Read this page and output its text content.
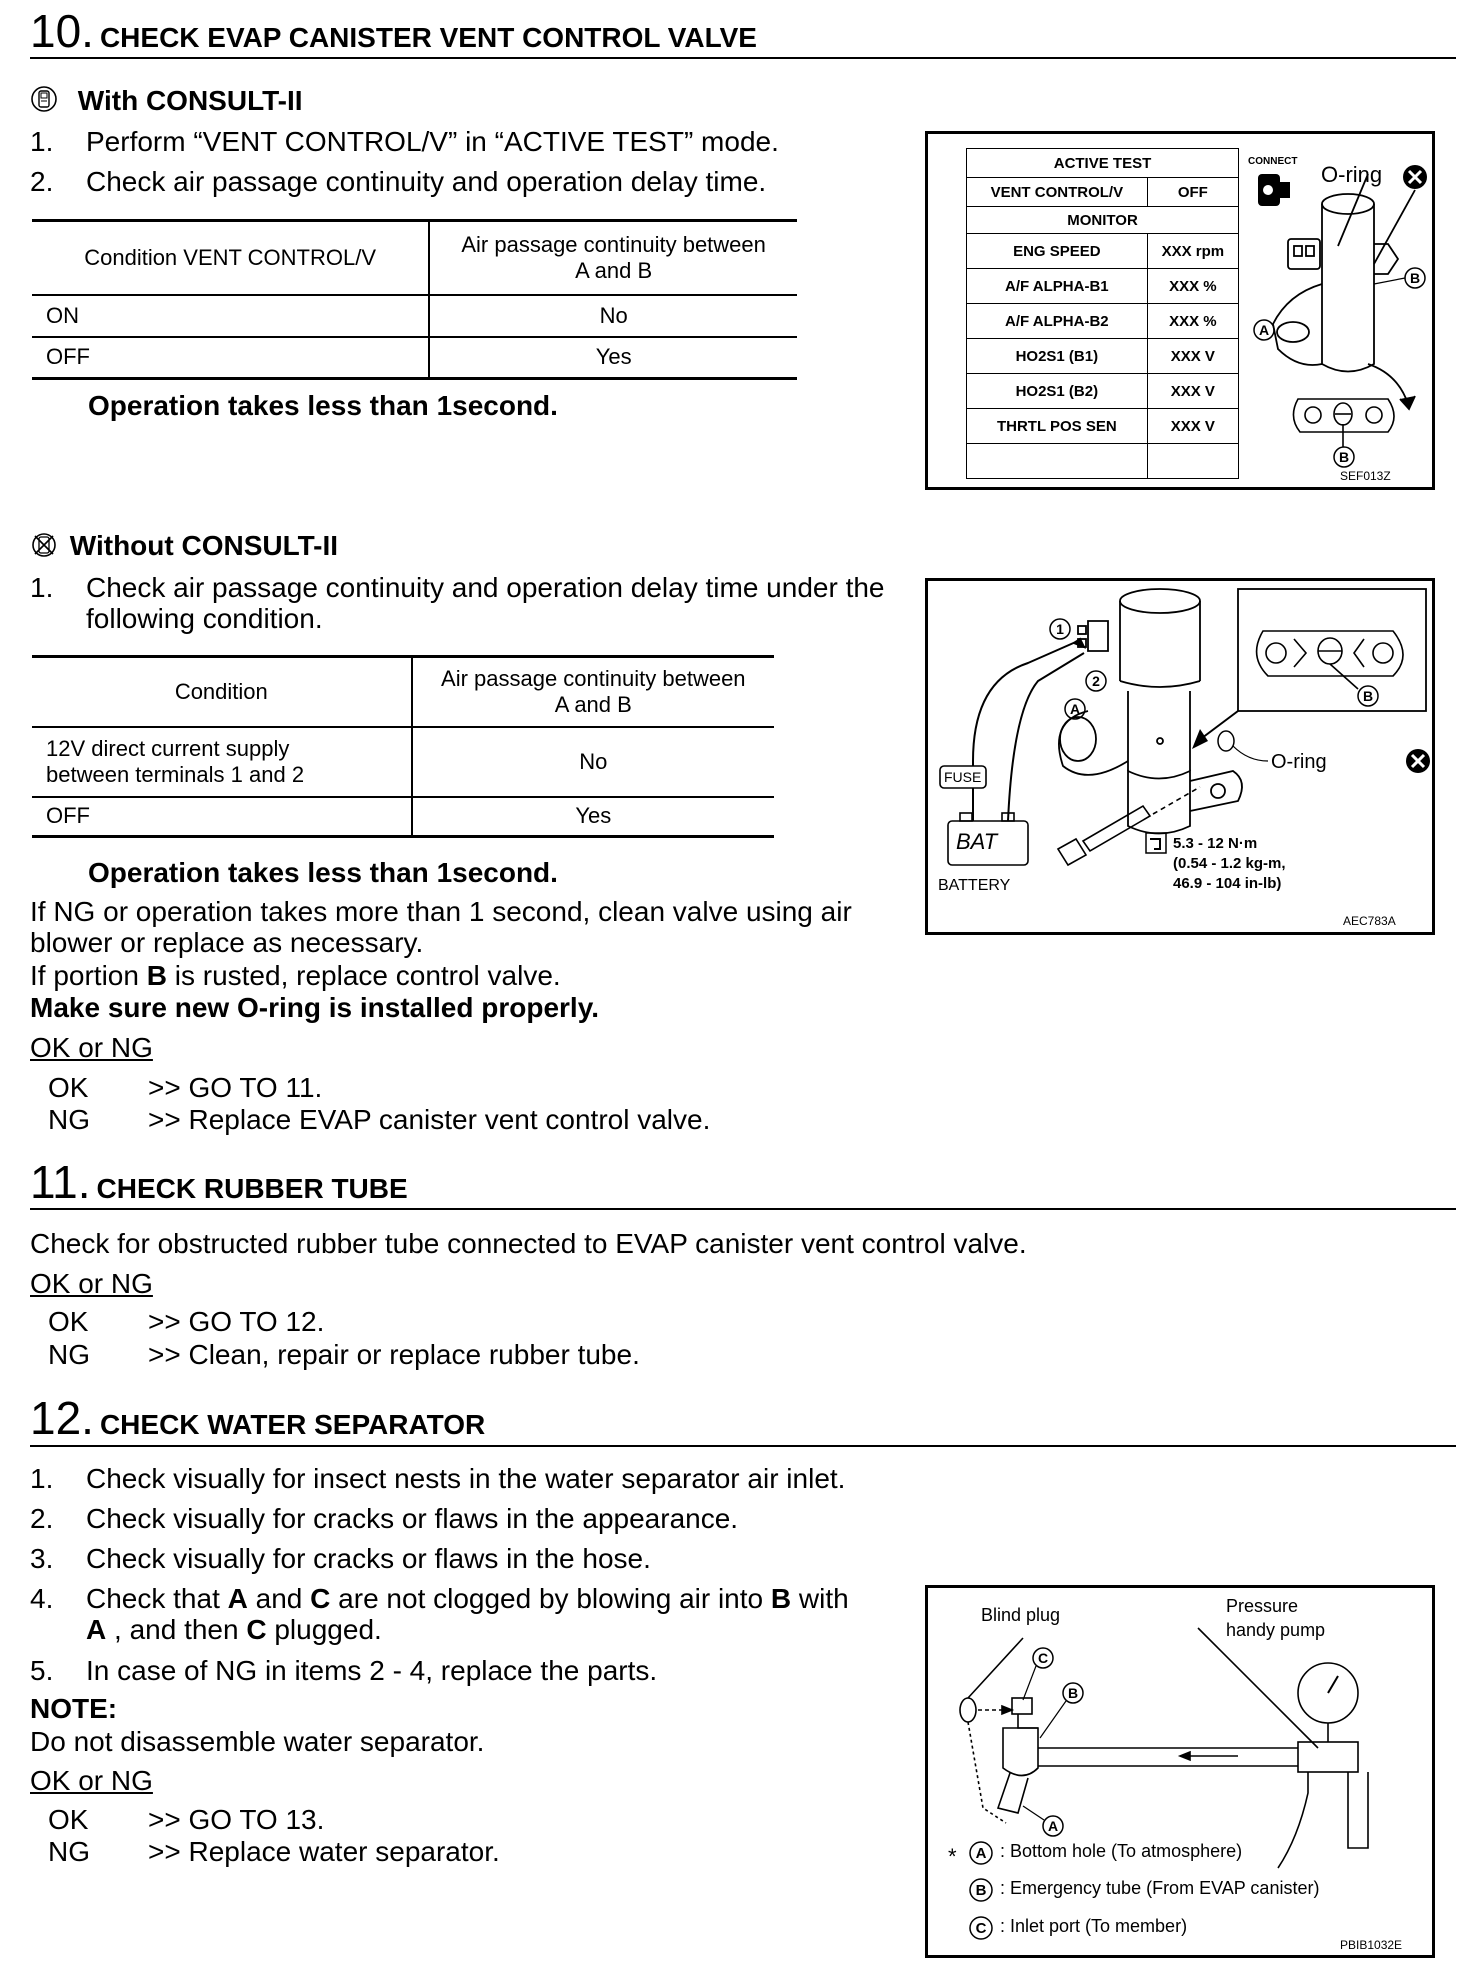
10. CHECK EVAP CANISTER VENT CONTROL VALVE
With CONSULT-II
1. Perform “VENT CONTROL/V” in “ACTIVE TEST” mode.
2. Check air passage continuity and operation delay time.
Condition VENT CONTROL/V	Air passage continuity between A and B
ON	No
OFF	Yes
Operation takes less than 1second.
ACTIVE TEST	
VENT CONTROL/V	OFF
MONITOR	
ENG SPEED	XXX rpm
A/F ALPHA-B1	XXX %
A/F ALPHA-B2	XXX %
HO2S1 (B1)	XXX V
HO2S1 (B2)	XXX V
THRTL POS SEN	XXX V

CONNECT
O-ring
A
B
B
SEF013Z
Without CONSULT-II
1. Check air passage continuity and operation delay time under the
following condition.
Condition	Air passage continuity between A and B
12V direct current supply between terminals 1 and 2	No
OFF	Yes
Operation takes less than 1second.
If NG or operation takes more than 1 second, clean valve using air
blower or replace as necessary.
If portion B is rusted, replace control valve.
Make sure new O-ring is installed properly.
OK or NG
OK >> GO TO 11.
NG >> Replace EVAP canister vent control valve.
B
1
2
A
FUSE
BAT
BATTERY
O-ring
5.3 - 12 N·m
(0.54 - 1.2 kg-m,
46.9 - 104 in-lb)
AEC783A
11. CHECK RUBBER TUBE
Check for obstructed rubber tube connected to EVAP canister vent control valve.
OK or NG
OK >> GO TO 12.
NG >> Clean, repair or replace rubber tube.
12. CHECK WATER SEPARATOR
1. Check visually for insect nests in the water separator air inlet.
2. Check visually for cracks or flaws in the appearance.
3. Check visually for cracks or flaws in the hose.
4. Check that A and C are not clogged by blowing air into B with
A , and then C plugged.
5. In case of NG in items 2 - 4, replace the parts.
NOTE:
Do not disassemble water separator.
OK or NG
OK >> GO TO 13.
NG >> Replace water separator.
Blind plug	Pressure
handy pump
C
B
A
A
B
C
* : Bottom hole (To atmosphere)
: Emergency tube (From EVAP canister)
: Inlet port (To member)
PBIB1032E
